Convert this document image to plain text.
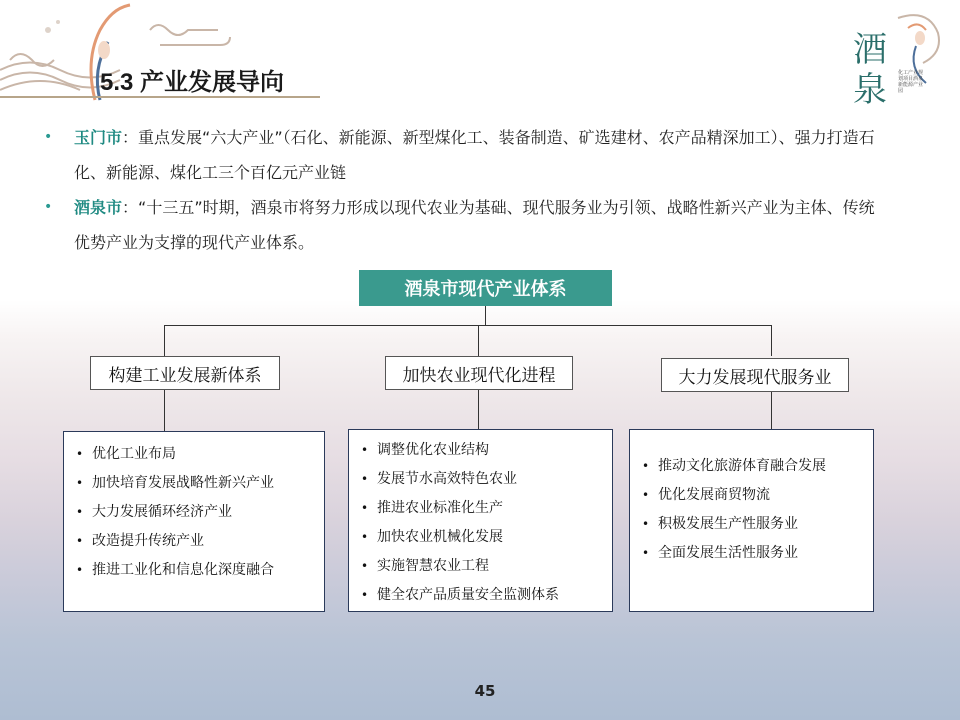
酒泉	化工产业规划项目酒泉新能源产业园
5.3 产业发展导向
• 玉门市：重点发展“六大产业”（石化、新能源、新型煤化工、装备制造、矿选建材、农产品精深加工）、强力打造石化、新能源、煤化工三个百亿元产业链
• 酒泉市：“十三五”时期，酒泉市将努力形成以现代农业为基础、现代服务业为引领、战略性新兴产业为主体、传统优势产业为支撑的现代产业体系。
酒泉市现代产业体系
构建工业发展新体系	加快农业现代化进程	大力发展现代服务业
• 优化工业布局
• 加快培育发展战略性新兴产业
• 大力发展循环经济产业
• 改造提升传统产业
• 推进工业化和信息化深度融合
• 调整优化农业结构
• 发展节水高效特色农业
• 推进农业标准化生产
• 加快农业机械化发展
• 实施智慧农业工程
• 健全农产品质量安全监测体系
• 推动文化旅游体育融合发展
• 优化发展商贸物流
• 积极发展生产性服务业
• 全面发展生活性服务业
45
